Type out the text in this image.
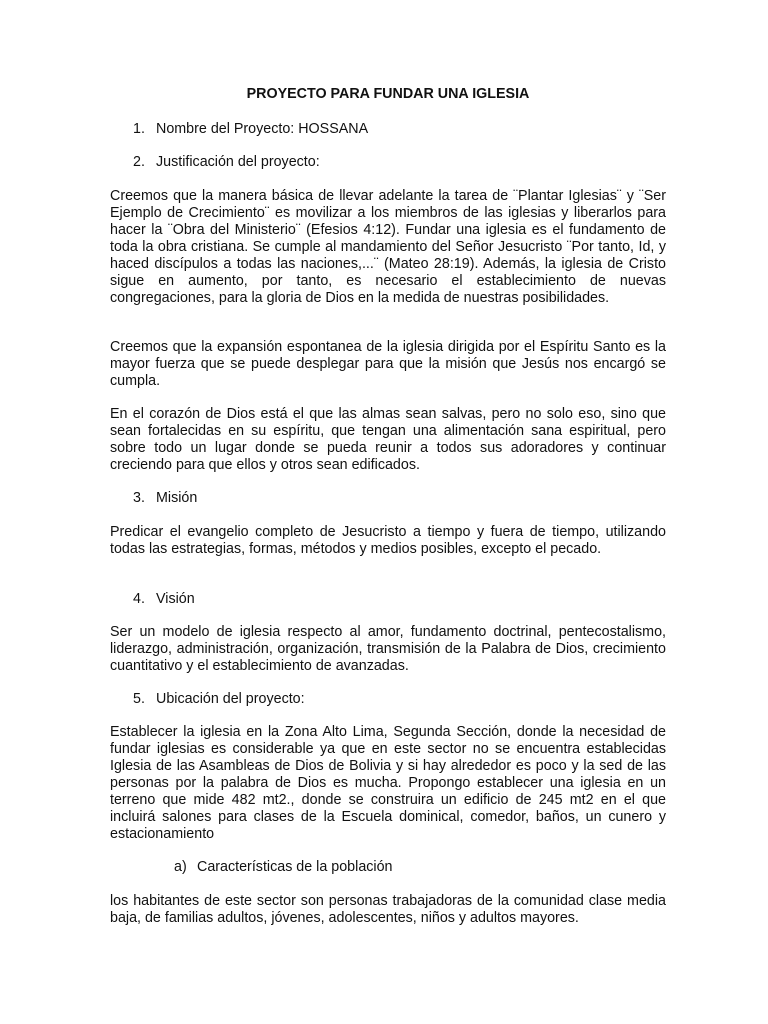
PROYECTO PARA FUNDAR UNA IGLESIA
1. Nombre del Proyecto: HOSSANA
2. Justificación del proyecto:

Creemos que la manera básica de llevar adelante la tarea de ¨Plantar Iglesias¨ y ¨Ser Ejemplo de Crecimiento¨ es movilizar a los miembros de las iglesias y liberarlos para hacer la ¨Obra del Ministerio¨ (Efesios 4:12). Fundar una iglesia es el fundamento de toda la obra cristiana. Se cumple al mandamiento del Señor Jesucristo ¨Por tanto, Id, y haced discípulos a todas las naciones,...¨ (Mateo 28:19). Además, la iglesia de Cristo sigue en aumento, por tanto, es necesario el establecimiento de nuevas congregaciones, para la gloria de Dios en la medida de nuestras posibilidades.

Creemos que la expansión espontanea de la iglesia dirigida por el Espíritu Santo es la mayor fuerza que se puede desplegar para que la misión que Jesús nos encargó se cumpla.

En el corazón de Dios está el que las almas sean salvas, pero no solo eso, sino que sean fortalecidas en su espíritu, que tengan una alimentación sana espiritual, pero sobre todo un lugar donde se pueda reunir a todos sus adoradores y continuar creciendo para que ellos y otros sean edificados.

3. Misión

Predicar el evangelio completo de Jesucristo a tiempo y fuera de tiempo, utilizando todas las estrategias, formas, métodos y medios posibles, excepto el pecado.

4. Visión

Ser un modelo de iglesia respecto al amor, fundamento doctrinal, pentecostalismo, liderazgo, administración, organización, transmisión de la Palabra de Dios, crecimiento cuantitativo y el establecimiento de avanzadas.

5. Ubicación del proyecto:

Establecer la iglesia en la Zona Alto Lima, Segunda Sección, donde la necesidad de fundar iglesias es considerable ya que en este sector no se encuentra establecidas Iglesia de las Asambleas de Dios de Bolivia y si hay alrededor es poco y la sed de las personas por la palabra de Dios es mucha. Propongo establecer una iglesia en un terreno que mide 482 mt2., donde se construira un edificio de 245 mt2 en el que incluirá salones para clases de la Escuela dominical, comedor, baños, un cunero y estacionamiento

a) Características de la población

los habitantes de este sector son personas trabajadoras de la comunidad clase media baja, de familias adultos, jóvenes, adolescentes, niños y adultos mayores.
